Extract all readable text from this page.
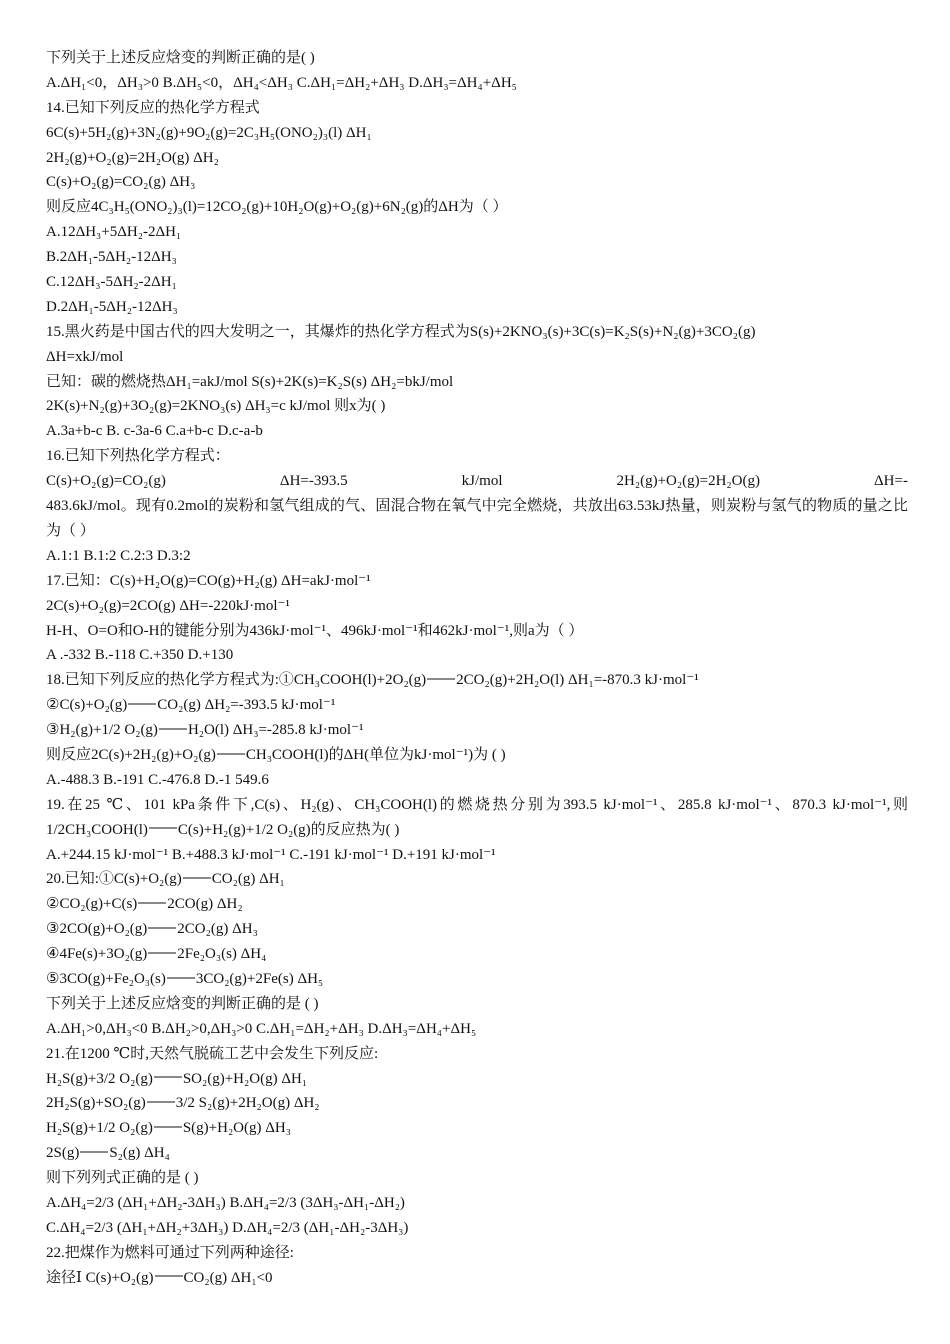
下列关于上述反应焓变的判断正确的是( )
A.ΔH₁<0，ΔH₃>0 B.ΔH₅<0，ΔH₄<ΔH₃ C.ΔH₁=ΔH₂+ΔH₃ D.ΔH₃=ΔH₄+ΔH₅
14.已知下列反应的热化学方程式
6C(s)+5H₂(g)+3N₂(g)+9O₂(g)=2C₃H₅(ONO₂)₃(l) ΔH₁
2H₂(g)+O₂(g)=2H₂O(g) ΔH₂
C(s)+O₂(g)=CO₂(g) ΔH₃
则反应4C₃H₅(ONO₂)₃(l)=12CO₂(g)+10H₂O(g)+O₂(g)+6N₂(g)的ΔH为（ ）
A.12ΔH₃+5ΔH₂-2ΔH₁
B.2ΔH₁-5ΔH₂-12ΔH₃
C.12ΔH₃-5ΔH₂-2ΔH₁
D.2ΔH₁-5ΔH₂-12ΔH₃
15.黑火药是中国古代的四大发明之一，其爆炸的热化学方程式为S(s)+2KNO₃(s)+3C(s)=K₂S(s)+N₂(g)+3CO₂(g)
ΔH=xkJ/mol
已知：碳的燃烧热ΔH₁=akJ/mol S(s)+2K(s)=K₂S(s) ΔH₂=bkJ/mol
2K(s)+N₂(g)+3O₂(g)=2KNO₃(s) ΔH₃=c kJ/mol 则x为( )
A.3a+b-c B. c-3a-6 C.a+b-c D.c-a-b
16.已知下列热化学方程式：
C(s)+O₂(g)=CO₂(g)	ΔH=-393.5	kJ/mol	2H₂(g)+O₂(g)=2H₂O(g)	ΔH=-
483.6kJ/mol。现有0.2mol的炭粉和氢气组成的气、固混合物在氧气中完全燃烧，共放出63.53kJ热量，则炭粉与氢气的物质的量之比为（ ）
A.1:1 B.1:2 C.2:3 D.3:2
17.已知：C(s)+H₂O(g)=CO(g)+H₂(g) ΔH=akJ·mol⁻¹
2C(s)+O₂(g)=2CO(g) ΔH=-220kJ·mol⁻¹
H-H、O=O和O-H的键能分别为436kJ·mol⁻¹、496kJ·mol⁻¹和462kJ·mol⁻¹,则a为（ ）
A .-332 B.-118 C.+350 D.+130
18.已知下列反应的热化学方程式为:①CH₃COOH(l)+2O₂(g) 2CO₂(g)+2H₂O(l) ΔH₁=-870.3 kJ·mol⁻¹
②C(s)+O₂(g) CO₂(g) ΔH₂=-393.5 kJ·mol⁻¹
③H₂(g)+1/2 O₂(g) H₂O(l) ΔH₃=-285.8 kJ·mol⁻¹
则反应2C(s)+2H₂(g)+O₂(g) CH₃COOH(l)的ΔH(单位为kJ·mol⁻¹)为 ( )
A.-488.3 B.-191 C.-476.8 D.-1 549.6
19.在25 ℃、101 kPa条件下,C(s)、H₂(g)、CH₃COOH(l)的燃烧热分别为393.5 kJ·mol⁻¹、285.8 kJ·mol⁻¹、870.3 kJ·mol⁻¹,则1/2CH₃COOH(l) C(s)+H₂(g)+1/2 O₂(g)的反应热为( )
A.+244.15 kJ·mol⁻¹ B.+488.3 kJ·mol⁻¹ C.-191 kJ·mol⁻¹ D.+191 kJ·mol⁻¹
20.已知:①C(s)+O₂(g) CO₂(g) ΔH₁
②CO₂(g)+C(s) 2CO(g) ΔH₂
③2CO(g)+O₂(g) 2CO₂(g) ΔH₃
④4Fe(s)+3O₂(g) 2Fe₂O₃(s) ΔH₄
⑤3CO(g)+Fe₂O₃(s) 3CO₂(g)+2Fe(s) ΔH₅
下列关于上述反应焓变的判断正确的是 ( )
A.ΔH₁>0,ΔH₃<0 B.ΔH₂>0,ΔH₃>0 C.ΔH₁=ΔH₂+ΔH₃ D.ΔH₃=ΔH₄+ΔH₅
21.在1200 ℃时,天然气脱硫工艺中会发生下列反应:
H₂S(g)+3/2 O₂(g) SO₂(g)+H₂O(g) ΔH₁
2H₂S(g)+SO₂(g) 3/2 S₂(g)+2H₂O(g) ΔH₂
H₂S(g)+1/2 O₂(g) S(g)+H₂O(g) ΔH₃
2S(g) S₂(g) ΔH₄
则下列列式正确的是 ( )
A.ΔH₄=2/3 (ΔH₁+ΔH₂-3ΔH₃) B.ΔH₄=2/3 (3ΔH₃-ΔH₁-ΔH₂)
C.ΔH₄=2/3 (ΔH₁+ΔH₂+3ΔH₃) D.ΔH₄=2/3 (ΔH₁-ΔH₂-3ΔH₃)
22.把煤作为燃料可通过下列两种途径:
途径Ⅰ C(s)+O₂(g) CO₂(g) ΔH₁<0
